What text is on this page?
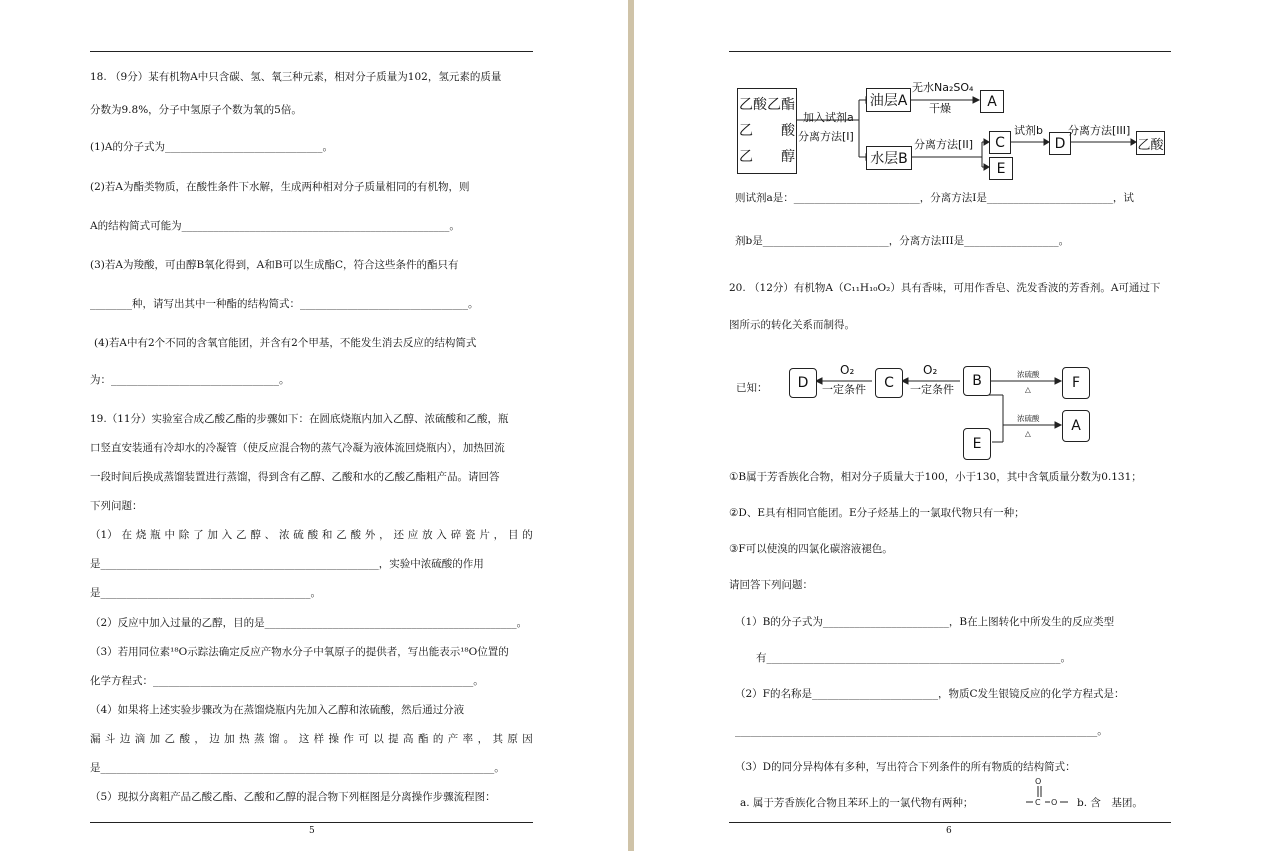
18. （9分）某有机物A中只含碳、氢、氧三种元素，相对分子质量为102，氢元素的质量
分数为9.8%，分子中氢原子个数为氧的5倍。
(1)A的分子式为______________________________。
(2)若A为酯类物质，在酸性条件下水解，生成两种相对分子质量相同的有机物，则
A的结构简式可能为___________________________________________________。
(3)若A为羧酸，可由醇B氧化得到，A和B可以生成酯C，符合这些条件的酯只有
________种，请写出其中一种酯的结构简式：________________________________。
(4)若A中有2个不同的含氧官能团，并含有2个甲基，不能发生消去反应的结构简式
为：________________________________。
19.（11分）实验室合成乙酸乙酯的步骤如下：在圆底烧瓶内加入乙醇、浓硫酸和乙酸，瓶
口竖直安装通有冷却水的冷凝管（使反应混合物的蒸气冷凝为液体流回烧瓶内），加热回流
一段时间后换成蒸馏装置进行蒸馏，得到含有乙醇、乙酸和水的乙酸乙酯粗产品。请回答
下列问题：
（1） 在 烧 瓶 中 除 了 加 入 乙 醇 、 浓 硫 酸 和 乙 酸 外 ， 还 应 放 入 碎 瓷 片 ， 目 的
是_____________________________________________________，实验中浓硫酸的作用
是________________________________________。
（2）反应中加入过量的乙醇，目的是________________________________________________。
（3）若用同位素¹⁸O示踪法确定反应产物水分子中氧原子的提供者，写出能表示¹⁸O位置的
化学方程式：_____________________________________________________________。
（4）如果将上述实验步骤改为在蒸馏烧瓶内先加入乙醇和浓硫酸，然后通过分液
漏 斗 边 滴 加 乙 酸 ， 边 加 热 蒸 馏 。 这 样 操 作 可 以 提 高 酯 的 产 率 ， 其 原 因
是___________________________________________________________________________。
（5）现拟分离粗产品乙酸乙酯、乙酸和乙醇的混合物下列框图是分离操作步骤流程图：
5
乙酸乙酯
乙　　酸
乙　　醇
加入试剂a
分离方法[I]
油层A
水层B
无水Na₂SO₄
干燥	A
分离方法[II]	C
E
试剂b
D
分离方法[III]
乙酸
则试剂a是：________________________，分离方法I是________________________，试
剂b是________________________，分离方法III是__________________。
20. （12分）有机物A（C₁₁H₁₀O₂）具有香味，可用作香皂、洗发香波的芳香剂。A可通过下
图所示的转化关系而制得。
已知：	D	C	B	F
E
A
O₂
一定条件
O₂
一定条件
浓硫酸
△
浓硫酸
△
①B属于芳香族化合物，相对分子质量大于100，小于130，其中含氧质量分数为0.131；
②D、E具有相同官能团。E分子烃基上的一氯取代物只有一种；
③F可以使溴的四氯化碳溶液褪色。
请回答下列问题：
（1）B的分子式为________________________，B在上图转化中所发生的反应类型
有________________________________________________________。
（2）F的名称是________________________，物质C发生银镜反应的化学方程式是：
_____________________________________________________________________。
（3）D的同分异构体有多种，写出符合下列条件的所有物质的结构简式：
a. 属于芳香族化合物且苯环上的一氯代物有两种；
O
C O b. 含　基团。
6
